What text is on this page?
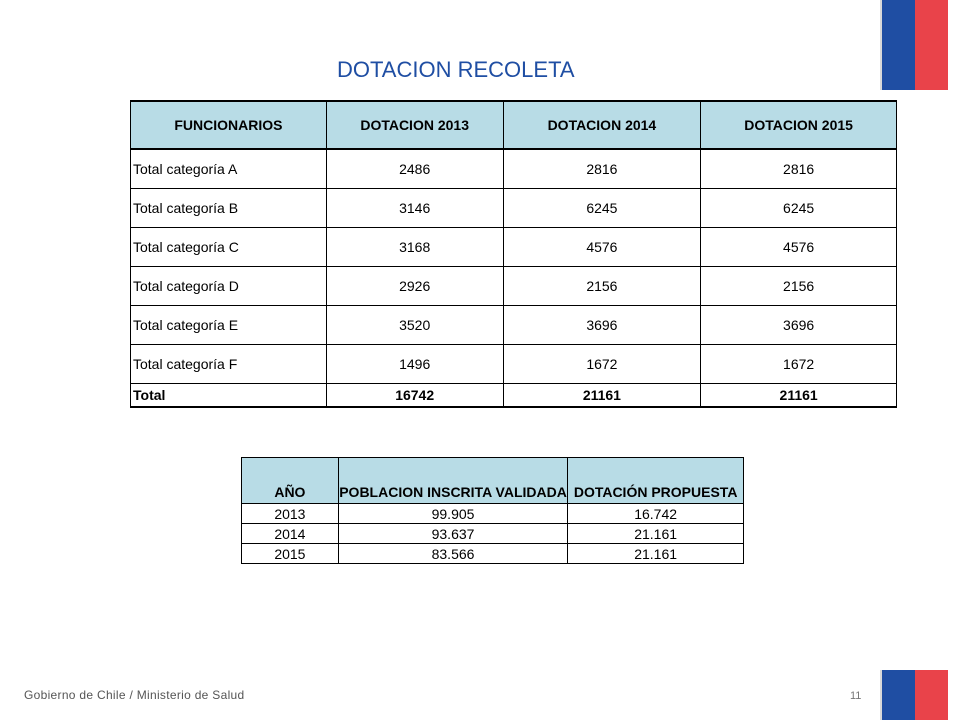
DOTACION RECOLETA
FUNCIONARIOS	DOTACION 2013	DOTACION 2014	DOTACION 2015
Total categoría A	2486	2816	2816
Total categoría B	3146	6245	6245
Total categoría C	3168	4576	4576
Total categoría D	2926	2156	2156
Total categoría E	3520	3696	3696
Total categoría F	1496	1672	1672
Total	16742	21161	21161
AÑO	POBLACION INSCRITA VALIDADA	DOTACIÓN PROPUESTA
2013	99.905	16.742
2014	93.637	21.161
2015	83.566	21.161
Gobierno de Chile / Ministerio de Salud	11
